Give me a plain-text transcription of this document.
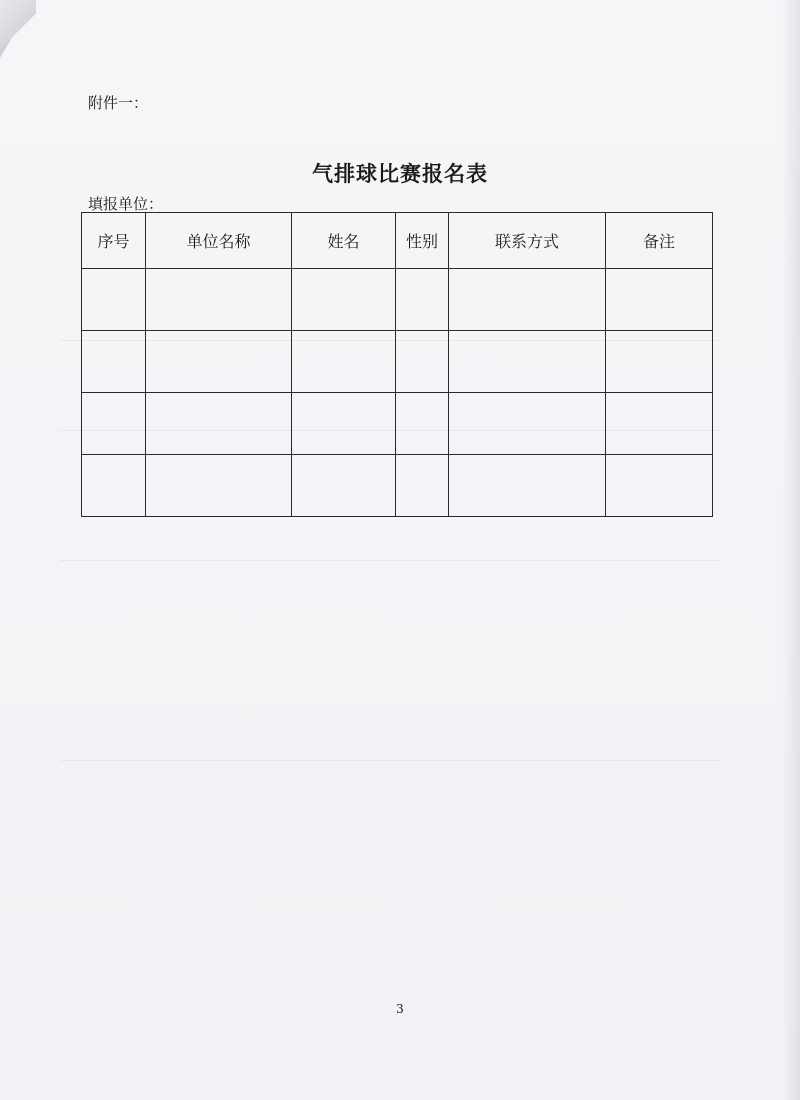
附件一：
气排球比赛报名表
填报单位：
序号	单位名称	姓名	性别	联系方式	备注

3
